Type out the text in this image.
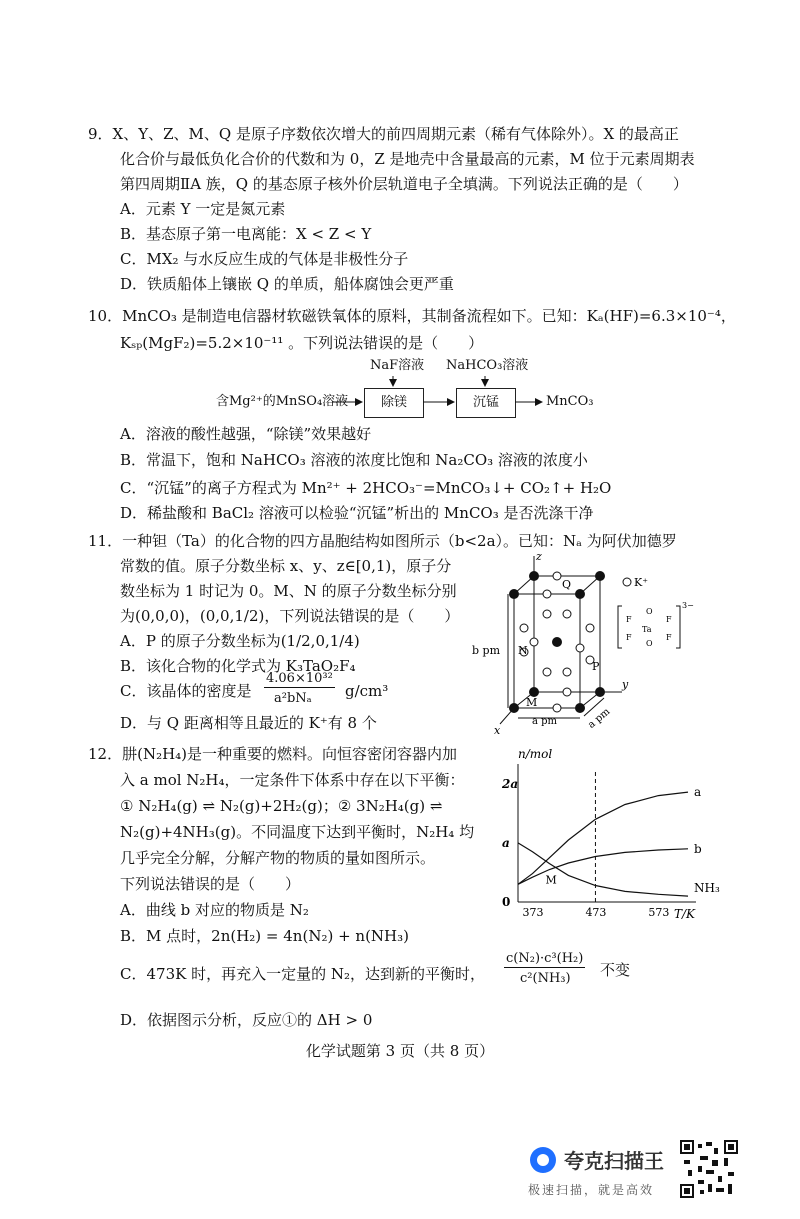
9．X、Y、Z、M、Q 是原子序数依次增大的前四周期元素（稀有气体除外）。X 的最高正
化合价与最低负化合价的代数和为 0，Z 是地壳中含量最高的元素，M 位于元素周期表
第四周期ⅡA 族，Q 的基态原子核外价层轨道电子全填满。下列说法正确的是（　　）
A．元素 Y 一定是氮元素
B．基态原子第一电离能：X < Z < Y
C．MX₂ 与水反应生成的气体是非极性分子
D．铁质船体上镶嵌 Q 的单质，船体腐蚀会更严重
10．MnCO₃ 是制造电信器材软磁铁氧体的原料，其制备流程如下。已知：Kₐ(HF)=6.3×10⁻⁴，
Kₛₚ(MgF₂)=5.2×10⁻¹¹ 。下列说法错误的是（　　）
NaF溶液 NaHCO₃溶液
含Mg²⁺的MnSO₄溶液	除镁	沉锰	MnCO₃
A．溶液的酸性越强，“除镁”效果越好
B．常温下，饱和 NaHCO₃ 溶液的浓度比饱和 Na₂CO₃ 溶液的浓度小
C．“沉锰”的离子方程式为 Mn²⁺ + 2HCO₃⁻=MnCO₃↓+ CO₂↑+ H₂O
D．稀盐酸和 BaCl₂ 溶液可以检验“沉锰”析出的 MnCO₃ 是否洗涤干净
11．一种钽（Ta）的化合物的四方晶胞结构如图所示（b<2a）。已知：Nₐ 为阿伏加德罗
常数的值。原子分数坐标 x、y、z∈[0,1)，原子分
数坐标为 1 时记为 0。M、N 的原子分数坐标分别
为(0,0,0)，(0,0,1/2)，下列说法错误的是（　　）
A．P 的原子分数坐标为(1/2,0,1/4)
B．该化合物的化学式为 K₃TaO₂F₄
C．该晶体的密度是
4.06×10³²
a²bNₐ g/cm³
D．与 Q 距离相等且最近的 K⁺有 8 个
z
y
x
b pm
a pm	a pm
Q
M
N
P
K⁺
3−
Ta
O
O
F	F
F	F
12．肼(N₂H₄)是一种重要的燃料。向恒容密闭容器内加
入 a mol N₂H₄，一定条件下体系中存在以下平衡：
① N₂H₄(g) ⇌ N₂(g)+2H₂(g)；② 3N₂H₄(g) ⇌
N₂(g)+4NH₃(g)。不同温度下达到平衡时，N₂H₄ 均
几乎完全分解，分解产物的物质的量如图所示。
下列说法错误的是（　　）
A．曲线 b 对应的物质是 N₂
B．M 点时，2n(H₂) = 4n(N₂) + n(NH₃)
C．473K 时，再充入一定量的 N₂，达到新的平衡时，
c(N₂)·c³(H₂)
c²(NH₃) 不变
D．依据图示分析，反应①的 ΔH > 0
n/mol
T/K
373	473	573
0
a
2a
a
b
NH₃
M
化学试题第 3 页（共 8 页）
夸克扫描王
极速扫描，就是高效
